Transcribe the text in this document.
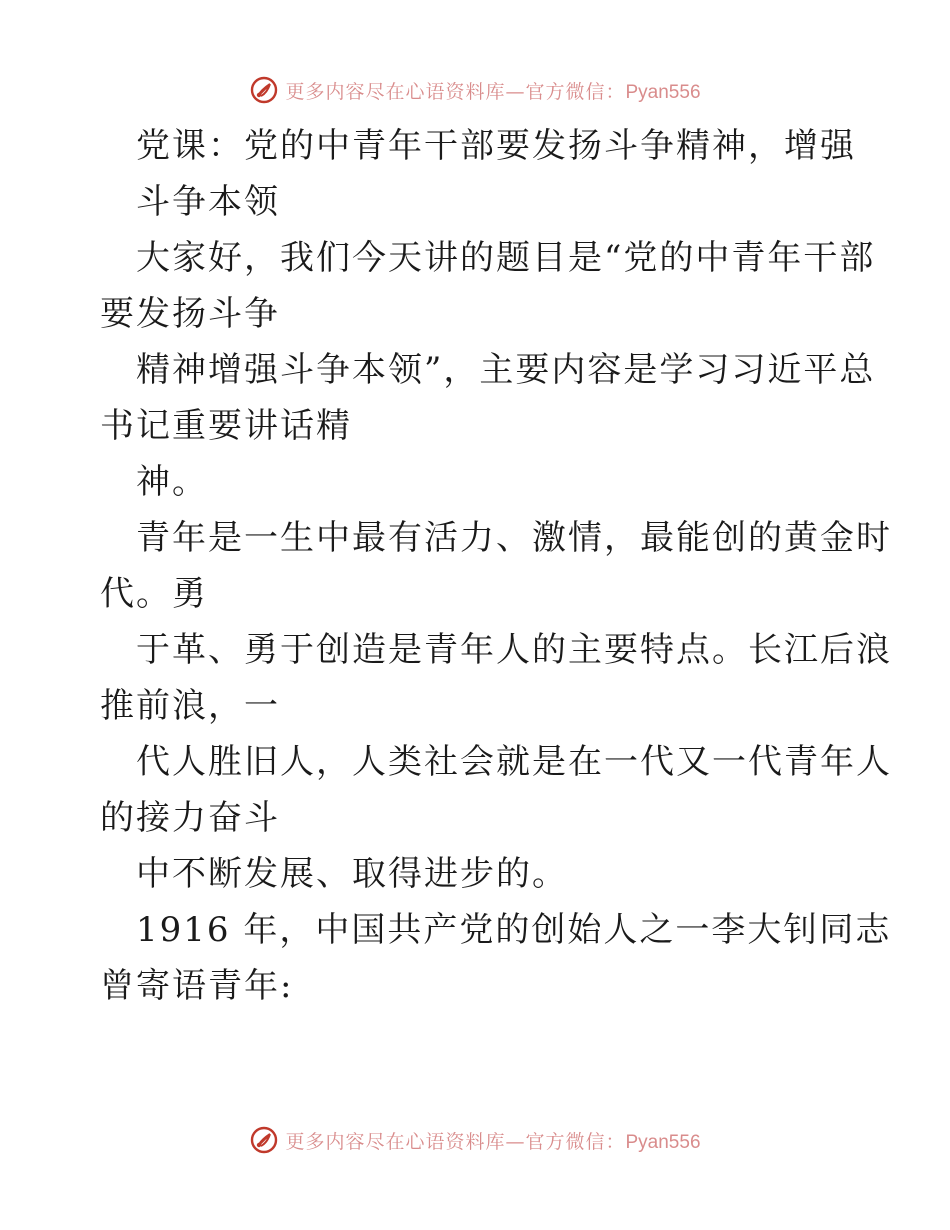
更多内容尽在心语资料库—官方微信：Pyan556
党课：党的中青年干部要发扬斗争精神，增强
斗争本领
大家好，我们今天讲的题目是“党的中青年干部
要发扬斗争
精神增强斗争本领”，主要内容是学习习近平总
书记重要讲话精
神。
青年是一生中最有活力、激情，最能创的黄金时
代。勇
于革、勇于创造是青年人的主要特点。长江后浪
推前浪，一
代人胜旧人，人类社会就是在一代又一代青年人
的接力奋斗
中不断发展、取得进步的。
1916 年，中国共产党的创始人之一李大钊同志
曾寄语青年:
更多内容尽在心语资料库—官方微信：Pyan556
